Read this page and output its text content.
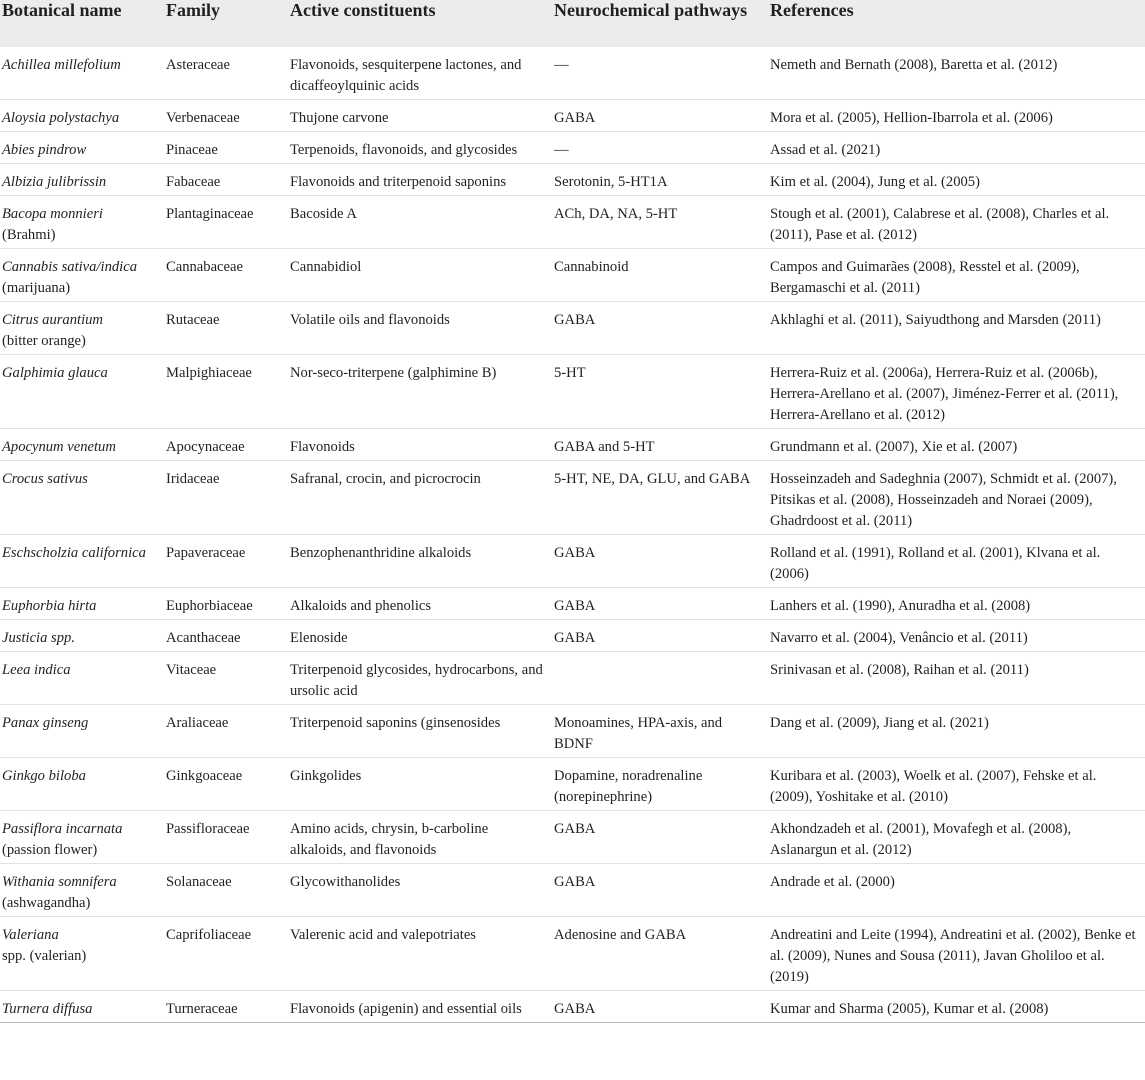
Botanical name	Family	Active constituents	Neurochemical pathways	References

Achillea millefolium	Asteraceae	Flavonoids, sesquiterpene lactones, and dicaffeoylquinic acids	—	Nemeth and Bernath (2008), Baretta et al. (2012)

Aloysia polystachya	Verbenaceae	Thujone carvone	GABA	Mora et al. (2005), Hellion-Ibarrola et al. (2006)

Abies pindrow	Pinaceae	Terpenoids, flavonoids, and glycosides	—	Assad et al. (2021)

Albizia julibrissin	Fabaceae	Flavonoids and triterpenoid saponins	Serotonin, 5-HT1A	Kim et al. (2004), Jung et al. (2005)

Bacopa monnieri
(Brahmi)	Plantaginaceae	Bacoside A	ACh, DA, NA, 5-HT	Stough et al. (2001), Calabrese et al. (2008), Charles et al. (2011), Pase et al. (2012)

Cannabis sativa/indica
(marijuana)	Cannabaceae	Cannabidiol	Cannabinoid	Campos and Guimarães (2008), Resstel et al. (2009), Bergamaschi et al. (2011)

Citrus aurantium
(bitter orange)	Rutaceae	Volatile oils and flavonoids	GABA	Akhlaghi et al. (2011), Saiyudthong and Marsden (2011)

Galphimia glauca	Malpighiaceae	Nor-seco-triterpene (galphimine B)	5-HT	Herrera-Ruiz et al. (2006a), Herrera-Ruiz et al. (2006b), Herrera-Arellano et al. (2007), Jiménez-Ferrer et al. (2011), Herrera-Arellano et al. (2012)

Apocynum venetum	Apocynaceae	Flavonoids	GABA and 5-HT	Grundmann et al. (2007), Xie et al. (2007)

Crocus sativus	Iridaceae	Safranal, crocin, and picrocrocin	5-HT, NE, DA, GLU, and GABA	Hosseinzadeh and Sadeghnia (2007), Schmidt et al. (2007), Pitsikas et al. (2008), Hosseinzadeh and Noraei (2009), Ghadrdoost et al. (2011)

Eschscholzia californica	Papaveraceae	Benzophenanthridine alkaloids	GABA	Rolland et al. (1991), Rolland et al. (2001), Klvana et al. (2006)

Euphorbia hirta	Euphorbiaceae	Alkaloids and phenolics	GABA	Lanhers et al. (1990), Anuradha et al. (2008)

Justicia spp.	Acanthaceae	Elenoside	GABA	Navarro et al. (2004), Venâncio et al. (2011)

Leea indica	Vitaceae	Triterpenoid glycosides, hydrocarbons, and ursolic acid		Srinivasan et al. (2008), Raihan et al. (2011)

Panax ginseng	Araliaceae	Triterpenoid saponins (ginsenosides	Monoamines, HPA-axis, and BDNF	Dang et al. (2009), Jiang et al. (2021)

Ginkgo biloba	Ginkgoaceae	Ginkgolides	Dopamine, noradrenaline (norepinephrine)	Kuribara et al. (2003), Woelk et al. (2007), Fehske et al. (2009), Yoshitake et al. (2010)

Passiflora incarnata
(passion flower)	Passifloraceae	Amino acids, chrysin, b-carboline alkaloids, and flavonoids	GABA	Akhondzadeh et al. (2001), Movafegh et al. (2008), Aslanargun et al. (2012)

Withania somnifera
(ashwagandha)	Solanaceae	Glycowithanolides	GABA	Andrade et al. (2000)

Valeriana
spp. (valerian)	Caprifoliaceae	Valerenic acid and valepotriates	Adenosine and GABA	Andreatini and Leite (1994), Andreatini et al. (2002), Benke et al. (2009), Nunes and Sousa (2011), Javan Gholiloo et al. (2019)

Turnera diffusa	Turneraceae	Flavonoids (apigenin) and essential oils	GABA	Kumar and Sharma (2005), Kumar et al. (2008)
